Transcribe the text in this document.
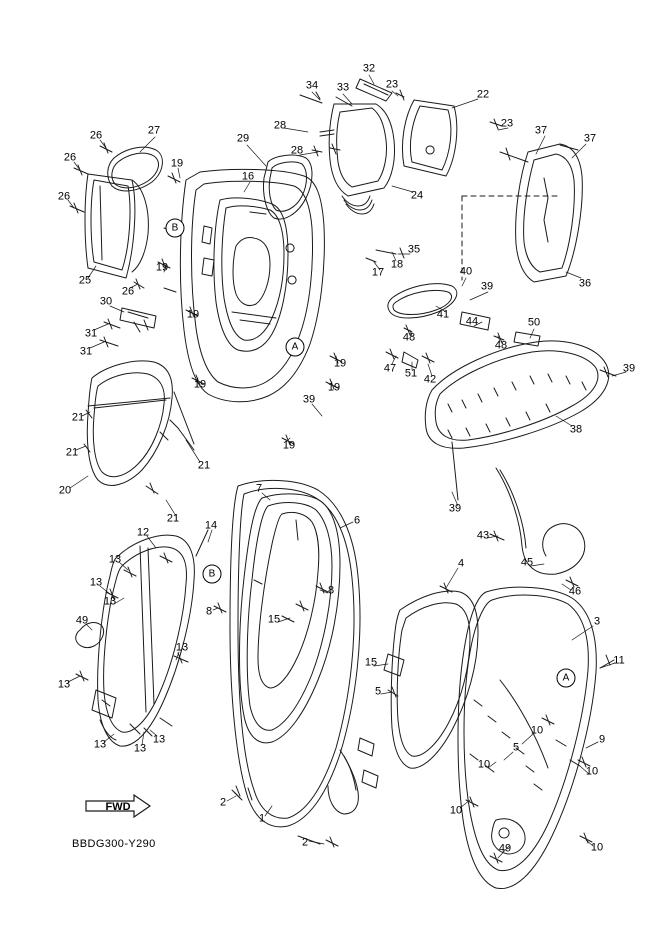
FWD
BBDG300-Y290
34
32
33	23
22
28	23
37
37
29
26	27
28
26	19
16
24
26
25
19
26
35
18
17
36
40
39
41
44	50
48
48
30
19
31
31
47 51 42
39
19
19
19
39
19
38
21
21
21
20
21
39
7
6
14
12
13
43
45
46
13
8
4
3
13
15
8
49
13
15	11
13
5
10
9
13	13
13
5
10
10
10
2
1
49	10
2
B
A
B
A
